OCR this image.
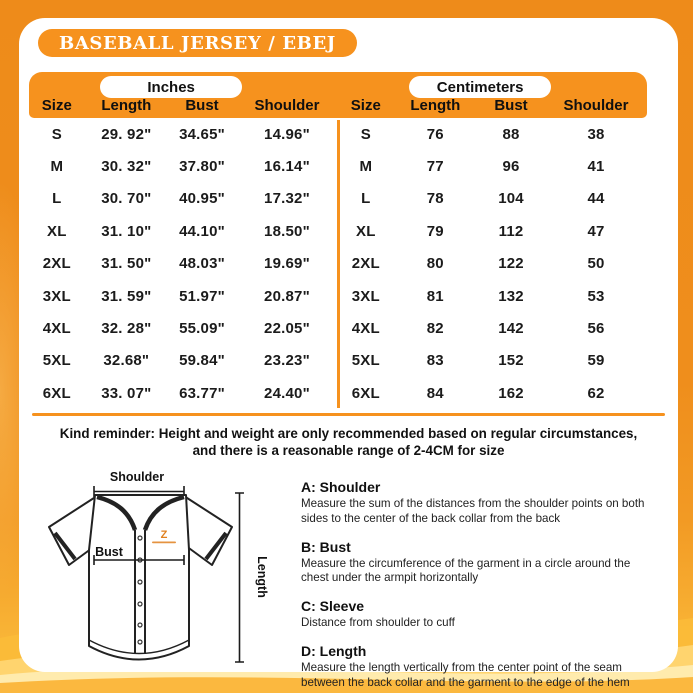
BASEBALL JERSEY / EBEJ
Inches
Size	Length	Bust	Shoulder
Centimeters
Size	Length	Bust	Shoulder
S	29. 92"	34.65"	14.96"
M	30. 32"	37.80"	16.14"
L	30. 70"	40.95"	17.32"
XL	31. 10"	44.10"	18.50"
2XL	31. 50"	48.03"	19.69"
3XL	31. 59"	51.97"	20.87"
4XL	32. 28"	55.09"	22.05"
5XL	32.68"	59.84"	23.23"
6XL	33. 07"	63.77"	24.40"
S	76	88	38
M	77	96	41
L	78	104	44
XL	79	112	47
2XL	80	122	50
3XL	81	132	53
4XL	82	142	56
5XL	83	152	59
6XL	84	162	62
Kind reminder: Height and weight are only recommended based on regular circumstances,
and there is a reasonable range of 2-4CM for size
Shoulder
Z
Bust
Length
A: Shoulder
Measure the sum of the distances from the shoulder points on both sides to the center of the back collar from the back
B: Bust
Measure the circumference of the garment in a circle around the chest under the armpit horizontally
C: Sleeve
Distance from shoulder to cuff
D: Length
Measure the length vertically from the center point of the seam between the back collar and the garment to the edge of the hem
